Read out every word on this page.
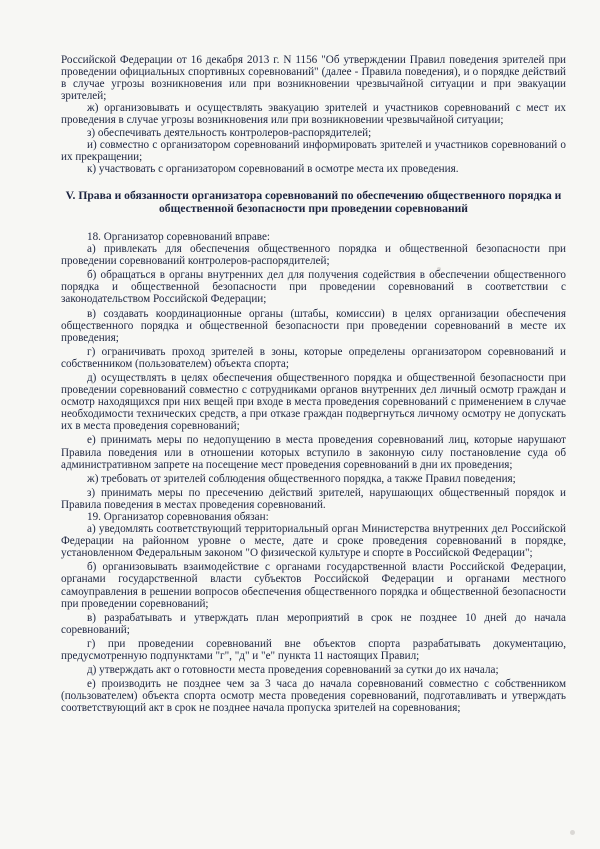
Российской Федерации от 16 декабря 2013 г. N 1156 "Об утверждении Правил поведения зрителей при проведении официальных спортивных соревнований" (далее - Правила поведения), и о порядке действий в случае угрозы возникновения или при возникновении чрезвычайной ситуации и при эвакуации зрителей;

ж) организовывать и осуществлять эвакуацию зрителей и участников соревнований с мест их проведения в случае угрозы возникновения или при возникновении чрезвычайной ситуации;

з) обеспечивать деятельность контролеров-распорядителей;

и) совместно с организатором соревнований информировать зрителей и участников соревнований о их прекращении;

к) участвовать с организатором соревнований в осмотре места их проведения.

V. Права и обязанности организатора соревнований по обеспечению общественного порядка и общественной безопасности при проведении соревнований

18. Организатор соревнований вправе:

а) привлекать для обеспечения общественного порядка и общественной безопасности при проведении соревнований контролеров-распорядителей;

б) обращаться в органы внутренних дел для получения содействия в обеспечении общественного порядка и общественной безопасности при проведении соревнований в соответствии с законодательством Российской Федерации;

в) создавать координационные органы (штабы, комиссии) в целях организации обеспечения общественного порядка и общественной безопасности при проведении соревнований в месте их проведения;

г) ограничивать проход зрителей в зоны, которые определены организатором соревнований и собственником (пользователем) объекта спорта;

д) осуществлять в целях обеспечения общественного порядка и общественной безопасности при проведении соревнований совместно с сотрудниками органов внутренних дел личный осмотр граждан и осмотр находящихся при них вещей при входе в места проведения соревнований с применением в случае необходимости технических средств, а при отказе граждан подвергнуться личному осмотру не допускать их в места проведения соревнований;

е) принимать меры по недопущению в места проведения соревнований лиц, которые нарушают Правила поведения или в отношении которых вступило в законную силу постановление суда об административном запрете на посещение мест проведения соревнований в дни их проведения;

ж) требовать от зрителей соблюдения общественного порядка, а также Правил поведения;

з) принимать меры по пресечению действий зрителей, нарушающих общественный порядок и Правила поведения в местах проведения соревнований.

19. Организатор соревнования обязан:

а) уведомлять соответствующий территориальный орган Министерства внутренних дел Российской Федерации на районном уровне о месте, дате и сроке проведения соревнований в порядке, установленном Федеральным законом "О физической культуре и спорте в Российской Федерации";

б) организовывать взаимодействие с органами государственной власти Российской Федерации, органами государственной власти субъектов Российской Федерации и органами местного самоуправления в решении вопросов обеспечения общественного порядка и общественной безопасности при проведении соревнований;

в) разрабатывать и утверждать план мероприятий в срок не позднее 10 дней до начала соревнований;

г) при проведении соревнований вне объектов спорта разрабатывать документацию, предусмотренную подпунктами "г", "д" и "е" пункта 11 настоящих Правил;

д) утверждать акт о готовности места проведения соревнований за сутки до их начала;

е) производить не позднее чем за 3 часа до начала соревнований совместно с собственником (пользователем) объекта спорта осмотр места проведения соревнований, подготавливать и утверждать соответствующий акт в срок не позднее начала пропуска зрителей на соревнования;
